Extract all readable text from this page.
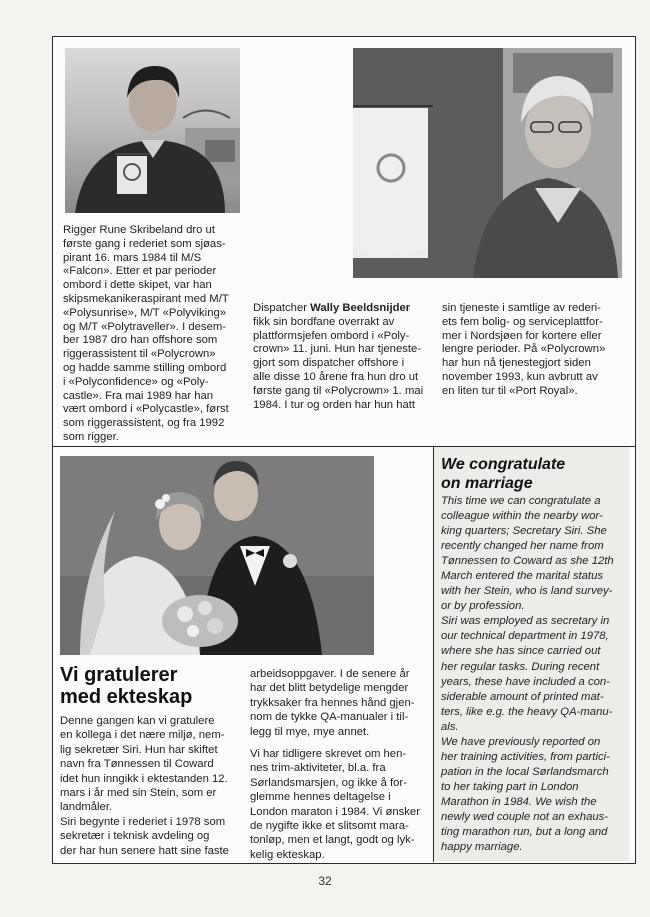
Rigger Rune Skribeland dro ut

første gang i rederiet som sjøas-

pirant 16. mars 1984 til M/S

«Falcon». Etter et par perioder

ombord i dette skipet, var han

skipsmekanikeraspirant med M/T

«Polysunrise», M/T «Polyviking»

og M/T «Polytraveller». I desem-

ber 1987 dro han offshore som

riggerassistent til «Polycrown»

og hadde samme stilling ombord

i «Polyconfidence» og «Poly-

castle». Fra mai 1989 har han

vært ombord i «Polycastle», først

som riggerassistent, og fra 1992

som rigger.

Dispatcher Wally Beeldsnijder

fikk sin bordfane overrakt av

plattformsjefen ombord i «Poly-

crown» 11. juni. Hun har tjeneste-

gjort som dispatcher offshore i

alle disse 10 årene fra hun dro ut

første gang til «Polycrown» 1. mai

1984. I tur og orden har hun hatt

sin tjeneste i samtlige av rederi-

ets fem bolig- og serviceplattfor-

mer i Nordsjøen for kortere eller

lengre perioder. På «Polycrown»

har hun nå tjenestegjort siden

november 1993, kun avbrutt av

en liten tur til «Port Royal».

We congratulate
on marriage

This time we can congratulate a

colleague within the nearby wor-

king quarters; Secretary Siri. She

recently changed her name from

Tønnessen to Coward as she 12th

March entered the marital status

with her Stein, who is land survey-

or by profession.

Siri was employed as secretary in

our technical department in 1978,

where she has since carried out

her regular tasks. During recent

years, these have included a con-

siderable amount of printed mat-

ters, like e.g. the heavy QA-manu-

als.

We have previously reported on

her training activities, from partici-

pation in the local Sørlandsmarch

to her taking part in London

Marathon in 1984. We wish the

newly wed couple not an exhaus-

ting marathon run, but a long and

happy marriage.

Vi gratulerer
med ekteskap

Denne gangen kan vi gratulere

en kollega i det nære miljø, nem-

lig sekretær Siri. Hun har skiftet

navn fra Tønnessen til Coward

idet hun inngikk i ektestanden 12.

mars i år med sin Stein, som er

landmåler.

Siri begynte i rederiet i 1978 som

sekretær i teknisk avdeling og

der har hun senere hatt sine faste

arbeidsoppgaver. I de senere år

har det blitt betydelige mengder

trykksaker fra hennes hånd gjen-

nom de tykke QA-manualer i til-

legg til mye, mye annet.

Vi har tidligere skrevet om hen-

nes trim-aktiviteter, bl.a. fra

Sørlandsmarsjen, og ikke å for-

glemme hennes deltagelse i

London maraton i 1984. Vi ønsker

de nygifte ikke et slitsomt mara-

tonløp, men et langt, godt og lyk-

kelig ekteskap.

32
